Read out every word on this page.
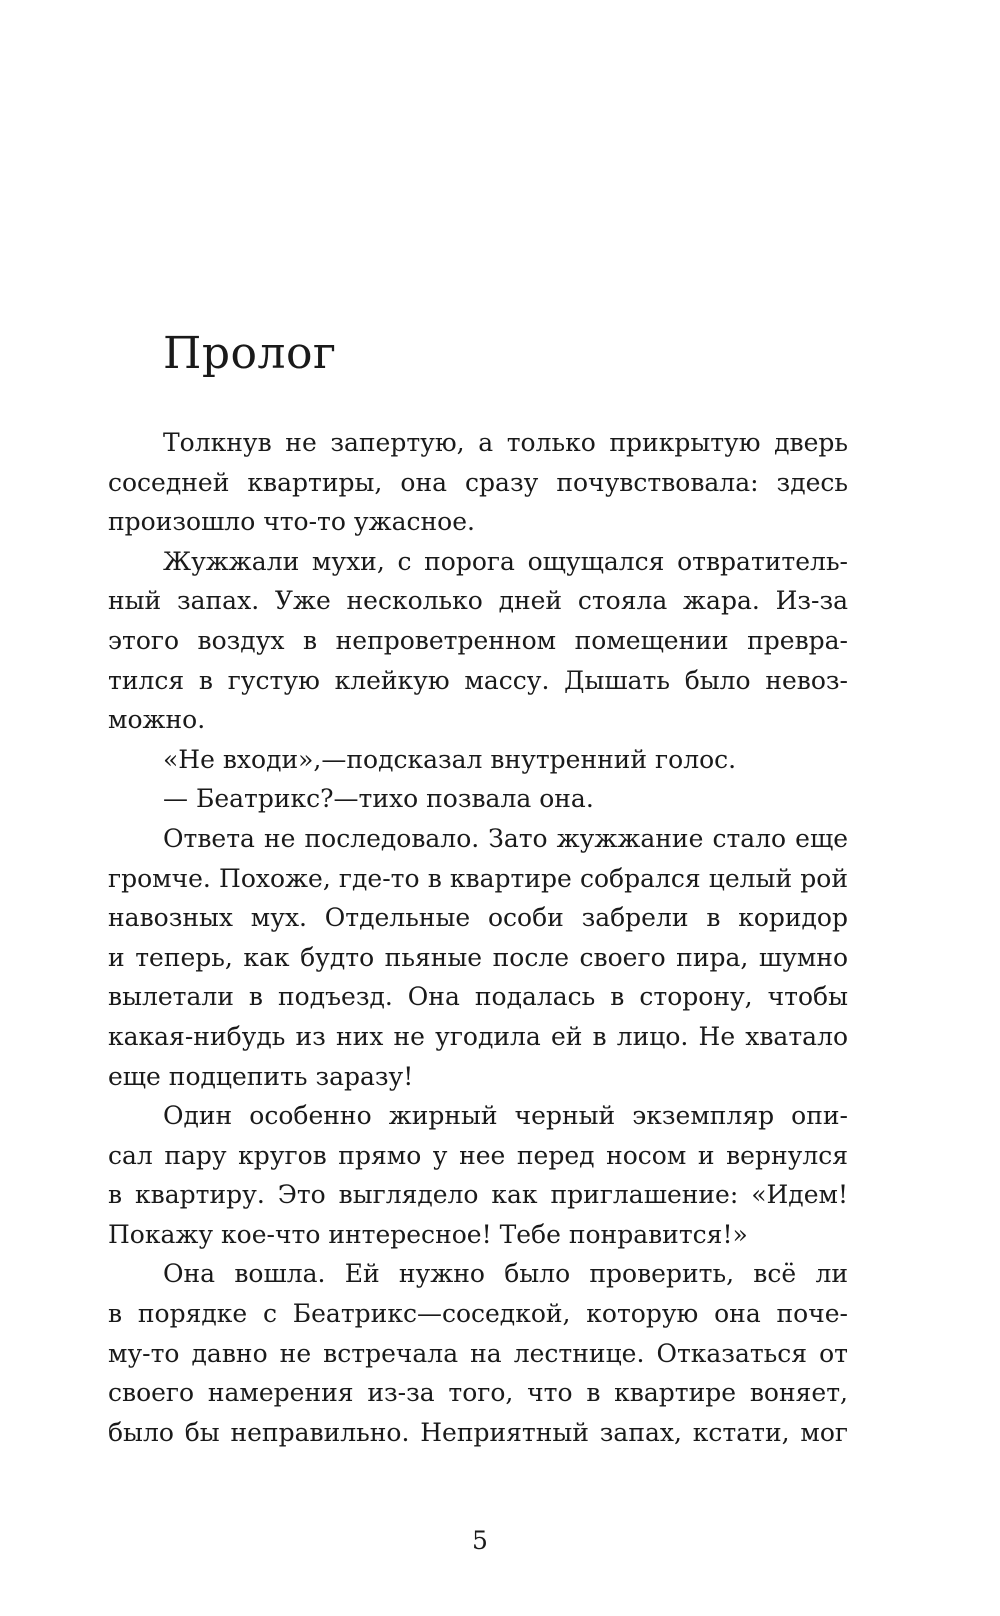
Пролог
Толкнув не запертую, а только прикрытую дверь
соседней квартиры, она сразу почувствовала: здесь
произошло что-то ужасное.
Жужжали мухи, с порога ощущался отвратитель-
ный запах. Уже несколько дней стояла жара. Из-за
этого воздух в непроветренном помещении превра-
тился в густую клейкую массу. Дышать было невоз-
можно.
«Не входи»,—подсказал внутренний голос.
— Беатрикс?—тихо позвала она.
Ответа не последовало. Зато жужжание стало еще
громче. Похоже, где-то в квартире собрался целый рой
навозных мух. Отдельные особи забрели в коридор
и теперь, как будто пьяные после своего пира, шумно
вылетали в подъезд. Она подалась в сторону, чтобы
какая-нибудь из них не угодила ей в лицо. Не хватало
еще подцепить заразу!
Один особенно жирный черный экземпляр опи-
сал пару кругов прямо у нее перед носом и вернулся
в квартиру. Это выглядело как приглашение: «Идем!
Покажу кое-что интересное! Тебе понравится!»
Она вошла. Ей нужно было проверить, всё ли
в порядке с Беатрикс—соседкой, которую она поче-
му-то давно не встречала на лестнице. Отказаться от
своего намерения из-за того, что в квартире воняет,
было бы неправильно. Неприятный запах, кстати, мог
5
